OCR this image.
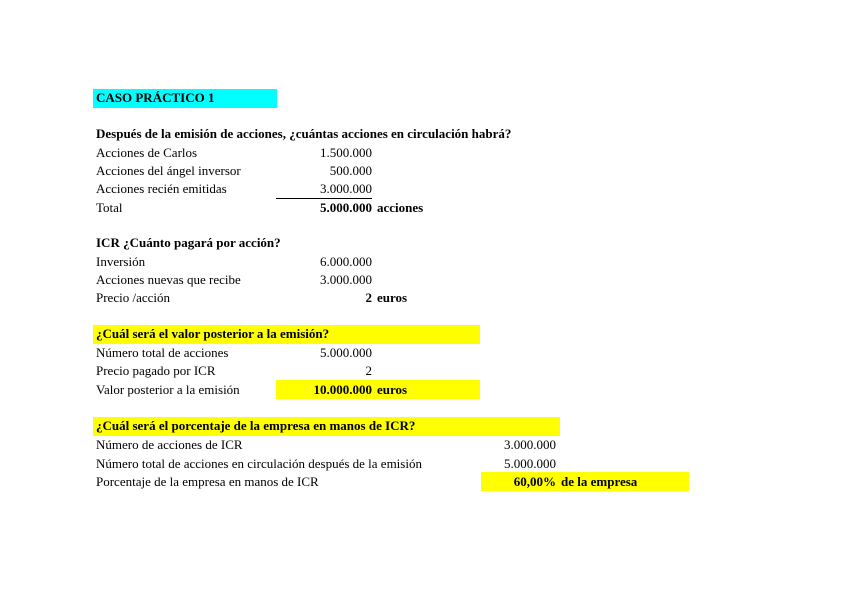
CASO PRÁCTICO 1
Después de la emisión de acciones, ¿cuántas acciones en circulación habrá?
Acciones de Carlos	1.500.000
Acciones del ángel inversor	500.000
Acciones recién emitidas	3.000.000
Total	5.000.000 acciones
ICR ¿Cuánto pagará por acción?
Inversión	6.000.000
Acciones nuevas que recibe	3.000.000
Precio /acción	2 euros
¿Cuál será el valor posterior a la emisión?
Número total de acciones	5.000.000
Precio pagado por ICR	2
Valor posterior a la emisión	10.000.000 euros
¿Cuál será el porcentaje de la empresa en manos de ICR?
Número de acciones de ICR	3.000.000
Número total de acciones en circulación después de la emisión	5.000.000
Porcentaje de la empresa en manos de ICR	60,00% de la empresa
